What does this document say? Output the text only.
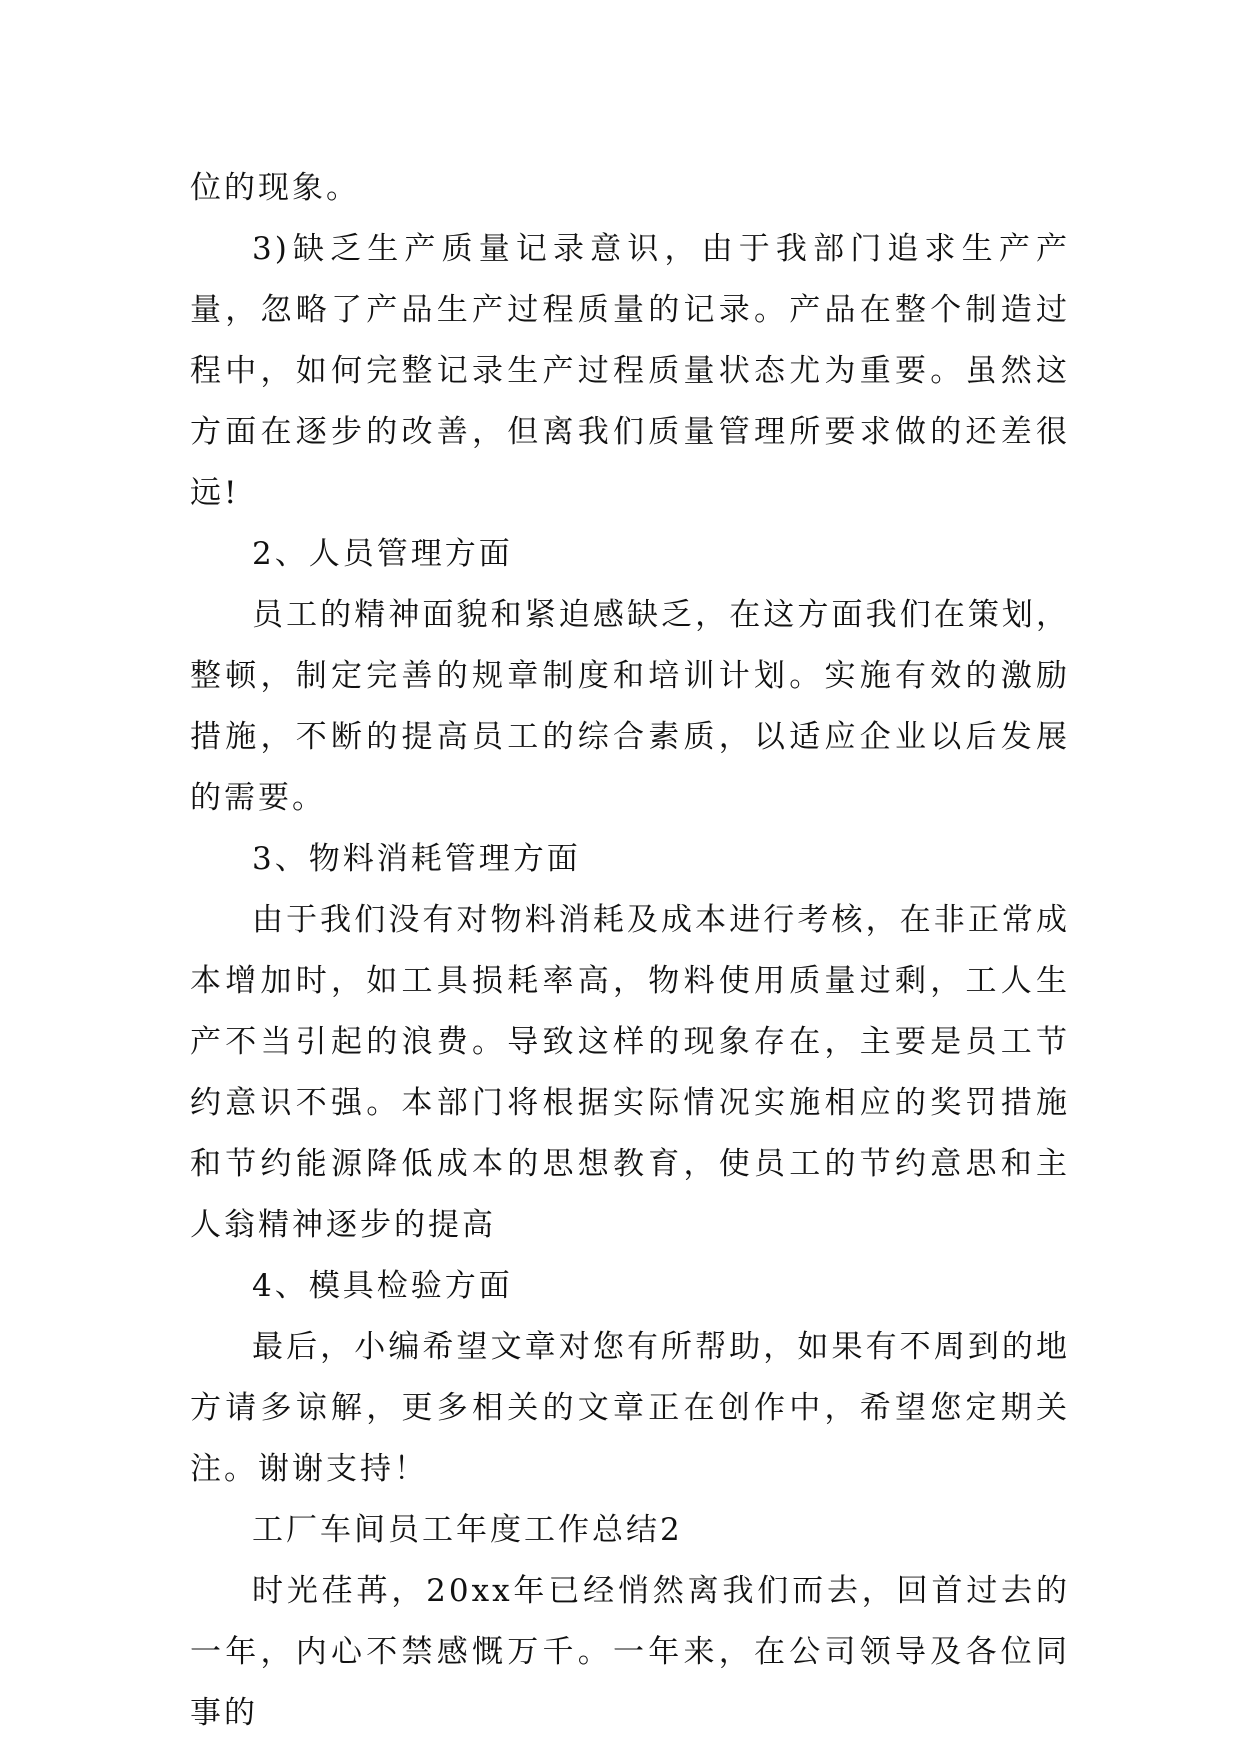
位的现象。

3)缺乏生产质量记录意识，由于我部门追求生产产量，忽略了产品生产过程质量的记录。产品在整个制造过程中，如何完整记录生产过程质量状态尤为重要。虽然这方面在逐步的改善，但离我们质量管理所要求做的还差很远!

2、人员管理方面

员工的精神面貌和紧迫感缺乏，在这方面我们在策划，整顿，制定完善的规章制度和培训计划。实施有效的激励措施，不断的提高员工的综合素质，以适应企业以后发展的需要。

3、物料消耗管理方面

由于我们没有对物料消耗及成本进行考核，在非正常成本增加时，如工具损耗率高，物料使用质量过剩，工人生产不当引起的浪费。导致这样的现象存在，主要是员工节约意识不强。本部门将根据实际情况实施相应的奖罚措施和节约能源降低成本的思想教育，使员工的节约意思和主人翁精神逐步的提高

4、模具检验方面

最后，小编希望文章对您有所帮助，如果有不周到的地方请多谅解，更多相关的文章正在创作中，希望您定期关注。谢谢支持！

工厂车间员工年度工作总结2

时光荏苒，20xx年已经悄然离我们而去，回首过去的一年，内心不禁感慨万千。一年来，在公司领导及各位同事的
